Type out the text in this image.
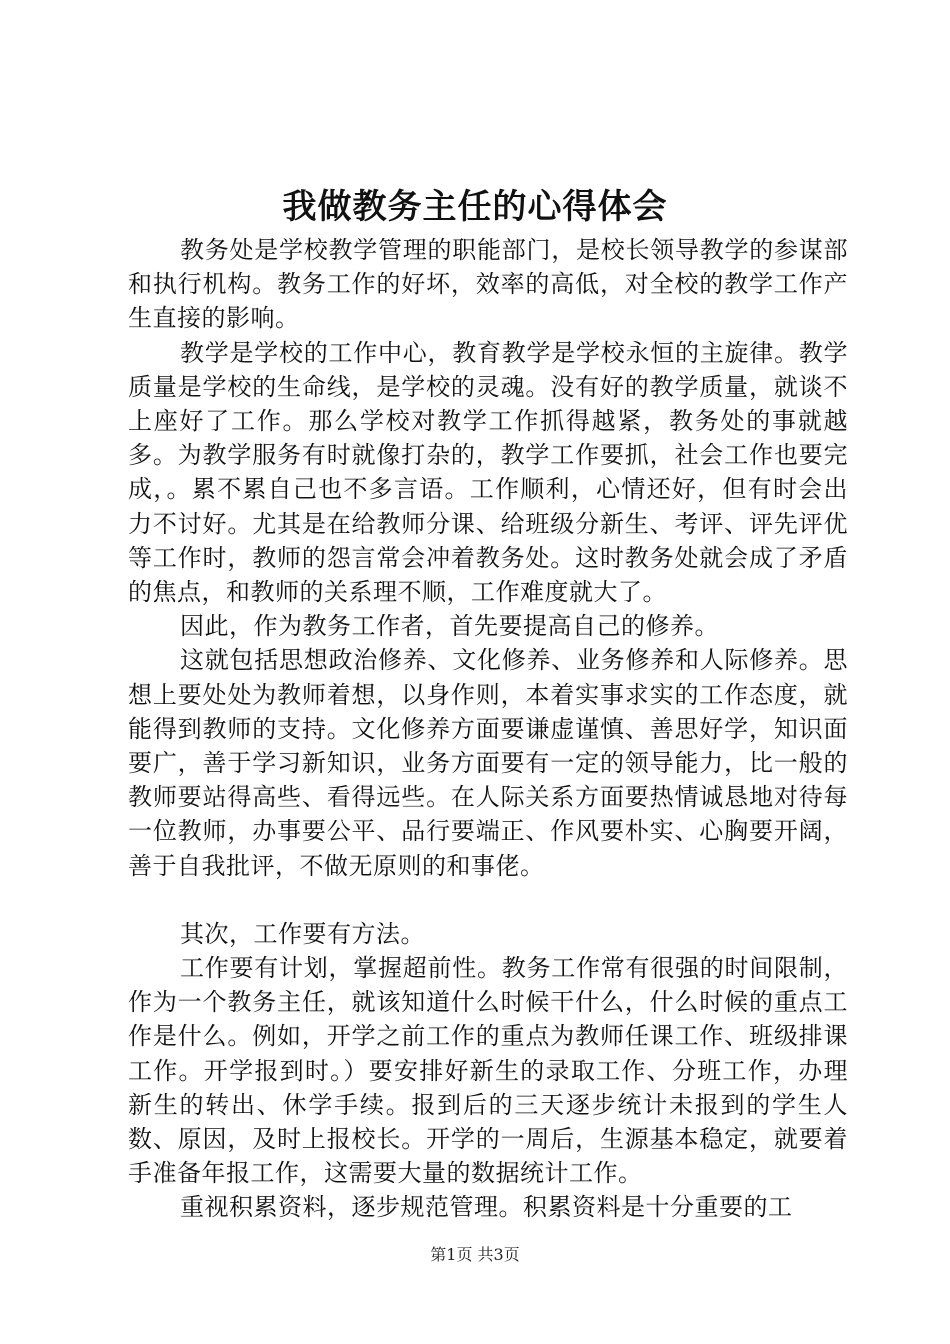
我做教务主任的心得体会

教务处是学校教学管理的职能部门，是校长领导教学的参谋部和执行机构。教务工作的好坏，效率的高低，对全校的教学工作产生直接的影响。

教学是学校的工作中心，教育教学是学校永恒的主旋律。教学质量是学校的生命线，是学校的灵魂。没有好的教学质量，就谈不上座好了工作。那么学校对教学工作抓得越紧，教务处的事就越多。为教学服务有时就像打杂的，教学工作要抓，社会工作也要完成，。累不累自己也不多言语。工作顺利，心情还好，但有时会出力不讨好。尤其是在给教师分课、给班级分新生、考评、评先评优等工作时，教师的怨言常会冲着教务处。这时教务处就会成了矛盾的焦点，和教师的关系理不顺，工作难度就大了。

因此，作为教务工作者，首先要提高自己的修养。

这就包括思想政治修养、文化修养、业务修养和人际修养。思想上要处处为教师着想，以身作则，本着实事求实的工作态度，就能得到教师的支持。文化修养方面要谦虚谨慎、善思好学，知识面要广，善于学习新知识，业务方面要有一定的领导能力，比一般的教师要站得高些、看得远些。在人际关系方面要热情诚恳地对待每一位教师，办事要公平、品行要端正、作风要朴实、心胸要开阔，善于自我批评，不做无原则的和事佬。

其次，工作要有方法。

工作要有计划，掌握超前性。教务工作常有很强的时间限制，作为一个教务主任，就该知道什么时候干什么，什么时候的重点工作是什么。例如，开学之前工作的重点为教师任课工作、班级排课工作。开学报到时。）要安排好新生的录取工作、分班工作，办理新生的转出、休学手续。报到后的三天逐步统计未报到的学生人数、原因，及时上报校长。开学的一周后，生源基本稳定，就要着手准备年报工作，这需要大量的数据统计工作。

重视积累资料，逐步规范管理。积累资料是十分重要的工

第1页 共3页
